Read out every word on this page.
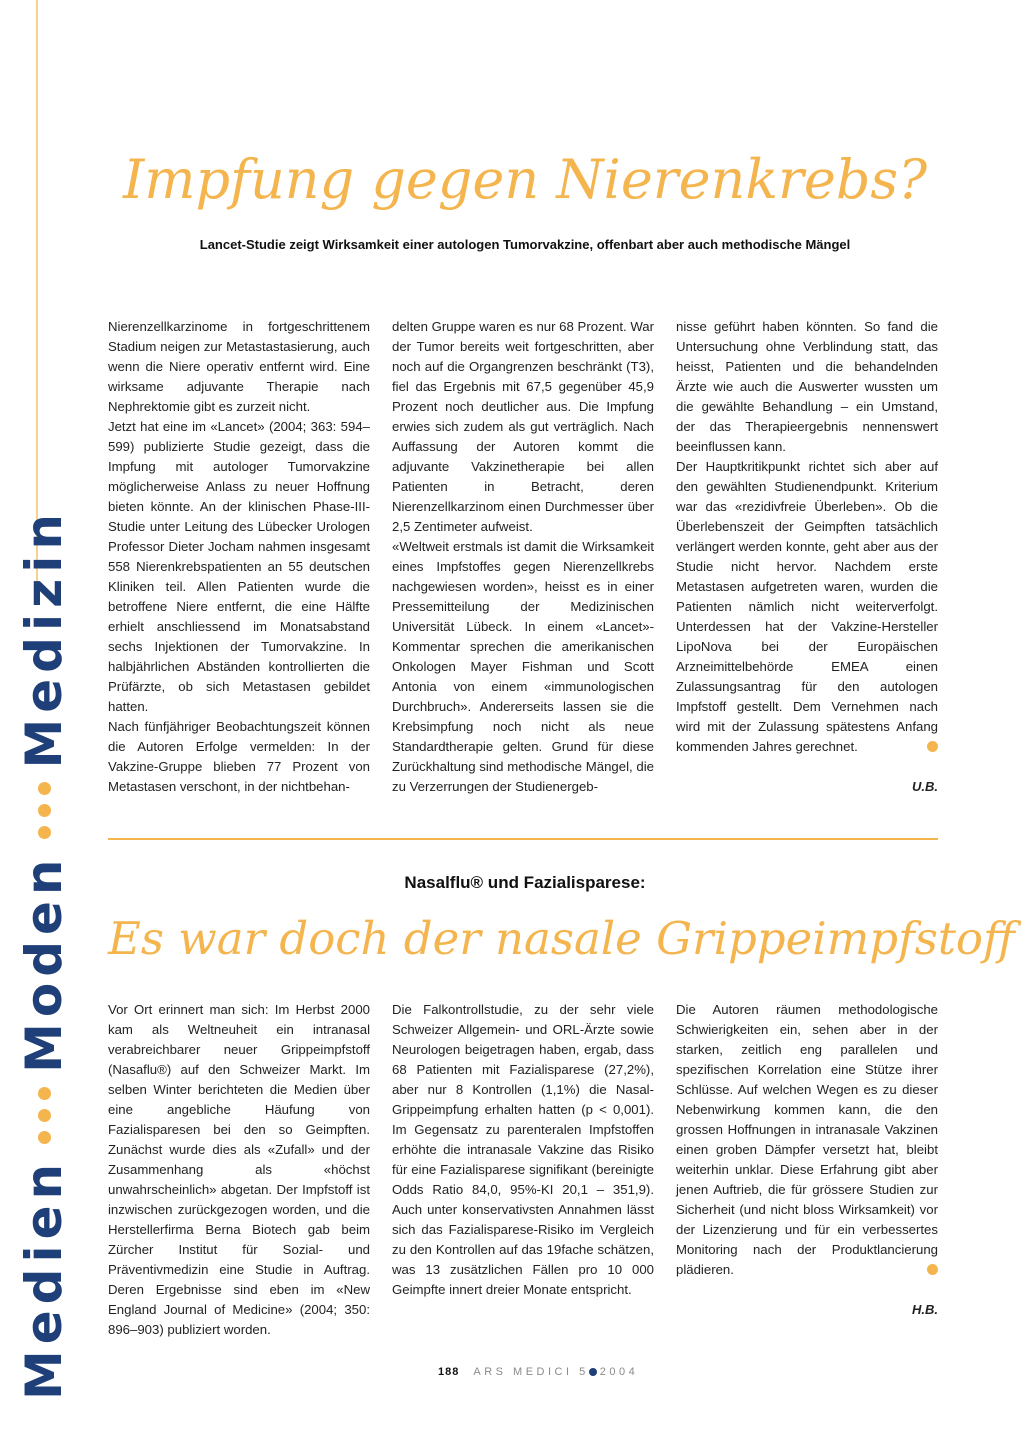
Medien
Moden
Medizin
Impfung gegen Nierenkrebs?
Lancet-Studie zeigt Wirksamkeit einer autologen Tumorvakzine, offenbart aber auch methodische Mängel

Nierenzellkarzinome in fortgeschrittenem Stadium neigen zur Metastastasierung, auch wenn die Niere operativ entfernt wird. Eine wirksame adjuvante Therapie nach Nephrektomie gibt es zurzeit nicht.

Jetzt hat eine im «Lancet» (2004; 363: 594–599) publizierte Studie gezeigt, dass die Impfung mit autologer Tumorvakzine möglicherweise Anlass zu neuer Hoffnung bieten könnte. An der klinischen Phase-III-Studie unter Leitung des Lübecker Urologen Professor Dieter Jocham nahmen insgesamt 558 Nierenkrebspatienten an 55 deutschen Kliniken teil. Allen Patienten wurde die betroffene Niere entfernt, die eine Hälfte erhielt anschliessend im Monatsabstand sechs Injektionen der Tumorvakzine. In halbjährlichen Abständen kontrollierten die Prüfärzte, ob sich Metastasen gebildet hatten.

Nach fünfjähriger Beobachtungszeit können die Autoren Erfolge vermelden: In der Vakzine-Gruppe blieben 77 Prozent von Metastasen verschont, in der nichtbehan-

delten Gruppe waren es nur 68 Prozent. War der Tumor bereits weit fortgeschritten, aber noch auf die Organgrenzen beschränkt (T3), fiel das Ergebnis mit 67,5 gegenüber 45,9 Prozent noch deutlicher aus. Die Impfung erwies sich zudem als gut verträglich. Nach Auffassung der Autoren kommt die adjuvante Vakzinetherapie bei allen Patienten in Betracht, deren Nierenzellkarzinom einen Durchmesser über 2,5 Zentimeter aufweist.

«Weltweit erstmals ist damit die Wirksamkeit eines Impfstoffes gegen Nierenzellkrebs nachgewiesen worden», heisst es in einer Pressemitteilung der Medizinischen Universität Lübeck. In einem «Lancet»-Kommentar sprechen die amerikanischen Onkologen Mayer Fishman und Scott Antonia von einem «immunologischen Durchbruch». Andererseits lassen sie die Krebsimpfung noch nicht als neue Standardtherapie gelten. Grund für diese Zurückhaltung sind methodische Mängel, die zu Verzerrungen der Studienergeb-

nisse geführt haben könnten. So fand die Untersuchung ohne Verblindung statt, das heisst, Patienten und die behandelnden Ärzte wie auch die Auswerter wussten um die gewählte Behandlung – ein Umstand, der das Therapieergebnis nennenswert beeinflussen kann.

Der Hauptkritikpunkt richtet sich aber auf den gewählten Studienendpunkt. Kriterium war das «rezidivfreie Überleben». Ob die Überlebenszeit der Geimpften tatsächlich verlängert werden konnte, geht aber aus der Studie nicht hervor. Nachdem erste Metastasen aufgetreten waren, wurden die Patienten nämlich nicht weiterverfolgt. Unterdessen hat der Vakzine-Hersteller LipoNova bei der Europäischen Arzneimittelbehörde EMEA einen Zulassungsantrag für den autologen Impfstoff gestellt. Dem Vernehmen nach wird mit der Zulassung spätestens Anfang kommenden Jahres gerechnet.

U.B.
Nasalflu® und Fazialisparese:
Es war doch der nasale Grippeimpfstoff

Vor Ort erinnert man sich: Im Herbst 2000 kam als Weltneuheit ein intranasal verabreichbarer neuer Grippeimpfstoff (Nasaflu®) auf den Schweizer Markt. Im selben Winter berichteten die Medien über eine angebliche Häufung von Fazialisparesen bei den so Geimpften. Zunächst wurde dies als «Zufall» und der Zusammenhang als «höchst unwahrscheinlich» abgetan. Der Impfstoff ist inzwischen zurückgezogen worden, und die Herstellerfirma Berna Biotech gab beim Zürcher Institut für Sozial- und Präventivmedizin eine Studie in Auftrag. Deren Ergebnisse sind eben im «New England Journal of Medicine» (2004; 350: 896–903) publiziert worden.

Die Falkontrollstudie, zu der sehr viele Schweizer Allgemein- und ORL-Ärzte sowie Neurologen beigetragen haben, ergab, dass 68 Patienten mit Fazialisparese (27,2%), aber nur 8 Kontrollen (1,1%) die Nasal-Grippeimpfung erhalten hatten (p < 0,001). Im Gegensatz zu parenteralen Impfstoffen erhöhte die intranasale Vakzine das Risiko für eine Fazialisparese signifikant (bereinigte Odds Ratio 84,0, 95%-KI 20,1 – 351,9). Auch unter konservativsten Annahmen lässt sich das Fazialisparese-Risiko im Vergleich zu den Kontrollen auf das 19fache schätzen, was 13 zusätzlichen Fällen pro 10 000 Geimpfte innert dreier Monate entspricht.

Die Autoren räumen methodologische Schwierigkeiten ein, sehen aber in der starken, zeitlich eng parallelen und spezifischen Korrelation eine Stütze ihrer Schlüsse. Auf welchen Wegen es zu dieser Nebenwirkung kommen kann, die den grossen Hoffnungen in intranasale Vakzinen einen groben Dämpfer versetzt hat, bleibt weiterhin unklar. Diese Erfahrung gibt aber jenen Auftrieb, die für grössere Studien zur Sicherheit (und nicht bloss Wirksamkeit) vor der Lizenzierung und für ein verbessertes Monitoring nach der Produktlancierung plädieren.

H.B.
188 ARS MEDICI 5 2004
